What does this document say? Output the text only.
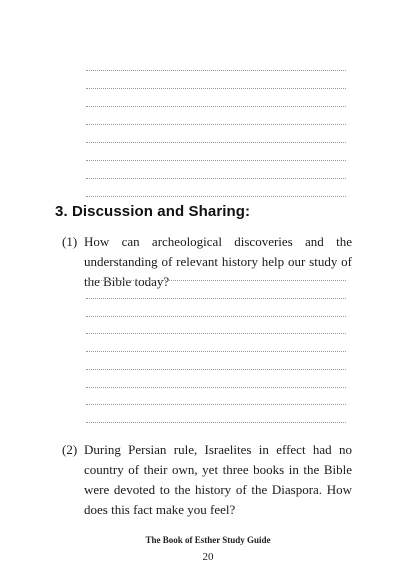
3. Discussion and Sharing:
(1) How can archeological discoveries and the understanding of relevant history help our study of the Bible today?
(2) During Persian rule, Israelites in effect had no country of their own, yet three books in the Bible were devoted to the history of the Diaspora. How does this fact make you feel?
The Book of Esther Study Guide
20
